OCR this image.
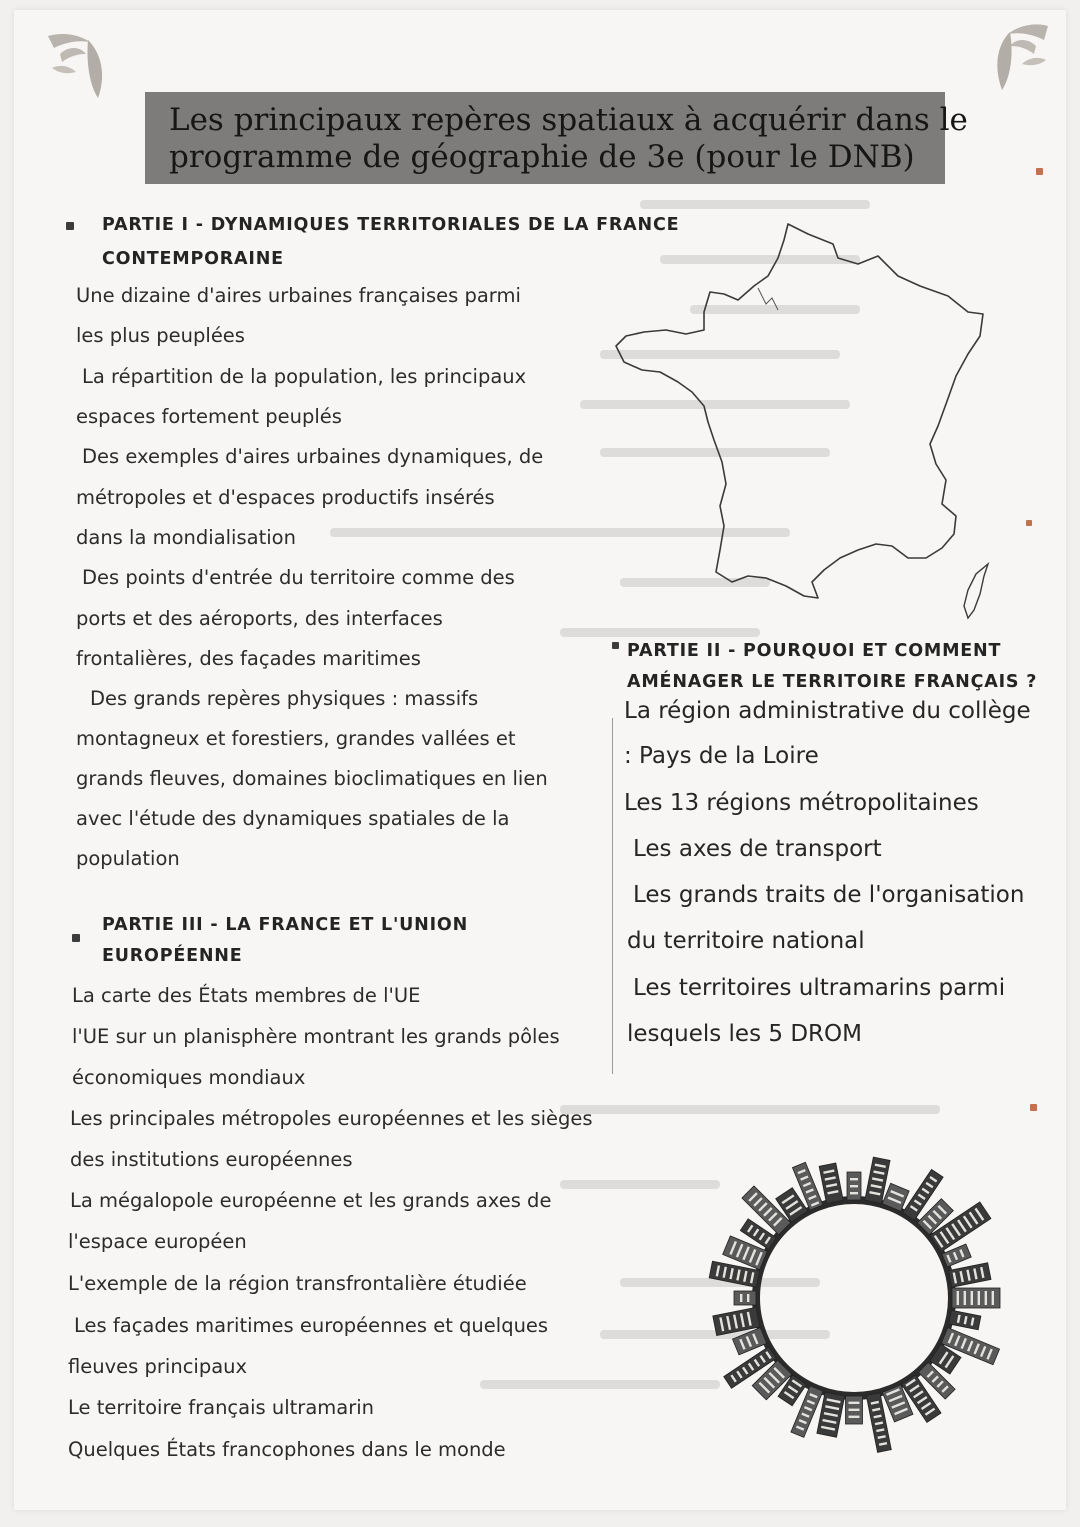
Les principaux repères spatiaux à acquérir dans le
programme de géographie de 3e (pour le DNB)
PARTIE I - DYNAMIQUES TERRITORIALES DE LA FRANCE
CONTEMPORAINE
Une dizaine d'aires urbaines françaises parmi
les plus peuplées
La répartition de la population, les principaux
espaces fortement peuplés
Des exemples d'aires urbaines dynamiques, de
métropoles et d'espaces productifs insérés
dans la mondialisation
Des points d'entrée du territoire comme des
ports et des aéroports, des interfaces
frontalières, des façades maritimes
Des grands repères physiques : massifs
montagneux et forestiers, grandes vallées et
grands fleuves, domaines bioclimatiques en lien
avec l'étude des dynamiques spatiales de la
population
PARTIE II - POURQUOI ET COMMENT
AMÉNAGER LE TERRITOIRE FRANÇAIS ?
La région administrative du collège
: Pays de la Loire
Les 13 régions métropolitaines
Les axes de transport
Les grands traits de l'organisation
du territoire national
Les territoires ultramarins parmi
lesquels les 5 DROM
PARTIE III - LA FRANCE ET L'UNION
EUROPÉENNE
La carte des États membres de l'UE
l'UE sur un planisphère montrant les grands pôles
économiques mondiaux
Les principales métropoles européennes et les sièges
des institutions européennes
La mégalopole européenne et les grands axes de
l'espace européen
L'exemple de la région transfrontalière étudiée
Les façades maritimes européennes et quelques
fleuves principaux
Le territoire français ultramarin
Quelques États francophones dans le monde
